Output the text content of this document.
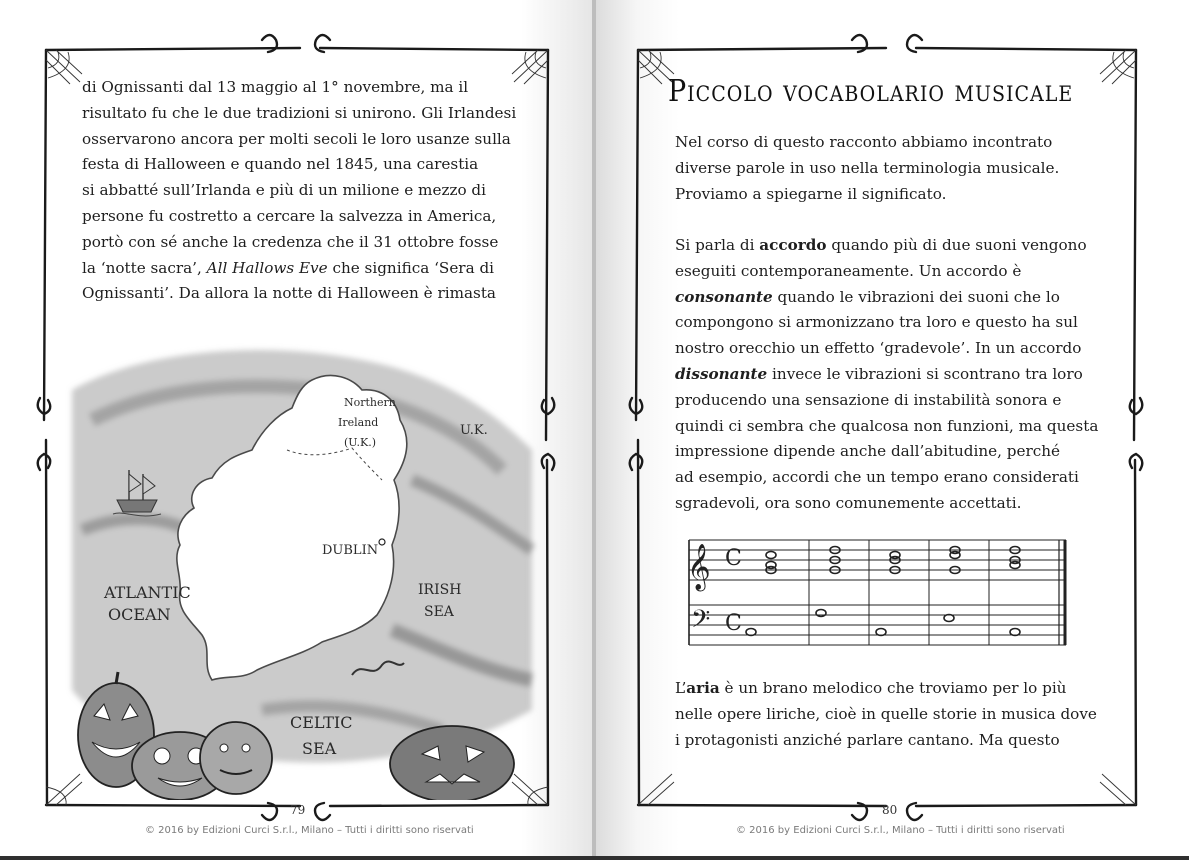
di Ognissanti dal 13 maggio al 1° novembre, ma il

risultato fu che le due tradizioni si unirono. Gli Irlandesi

osservarono ancora per molti secoli le loro usanze sulla

festa di Halloween e quando nel 1845, una carestia

si abbatté sull’Irlanda e più di un milione e mezzo di

persone fu costretto a cercare la salvezza in America,

portò con sé anche la credenza che il 31 ottobre fosse

la ‘notte sacra’, All Hallows Eve che significa ‘Sera di

Ognissanti’. Da allora la notte di Halloween è rimasta

Northern
Ireland
(U.K.)
U.K.
DUBLIN
ATLANTIC
OCEAN
IRISH
SEA
CELTIC
SEA
79
© 2016 by Edizioni Curci S.r.l., Milano – Tutti i diritti sono riservati
Piccolo vocabolario musicale

Nel corso di questo racconto abbiamo incontrato

diverse parole in uso nella terminologia musicale.

Proviamo a spiegarne il significato.

Si parla di accordo quando più di due suoni vengono

eseguiti contemporaneamente. Un accordo è

consonante quando le vibrazioni dei suoni che lo

compongono si armonizzano tra loro e questo ha sul

nostro orecchio un effetto ‘gradevole’. In un accordo

dissonante invece le vibrazioni si scontrano tra loro

producendo una sensazione di instabilità sonora e

quindi ci sembra che qualcosa non funzioni, ma questa

impressione dipende anche dall’abitudine, perché

ad esempio, accordi che un tempo erano considerati

sgradevoli, ora sono comunemente accettati.

𝄞
𝄢
C
C

L’aria è un brano melodico che troviamo per lo più

nelle opere liriche, cioè in quelle storie in musica dove

i protagonisti anziché parlare cantano. Ma questo

80
© 2016 by Edizioni Curci S.r.l., Milano – Tutti i diritti sono riservati
